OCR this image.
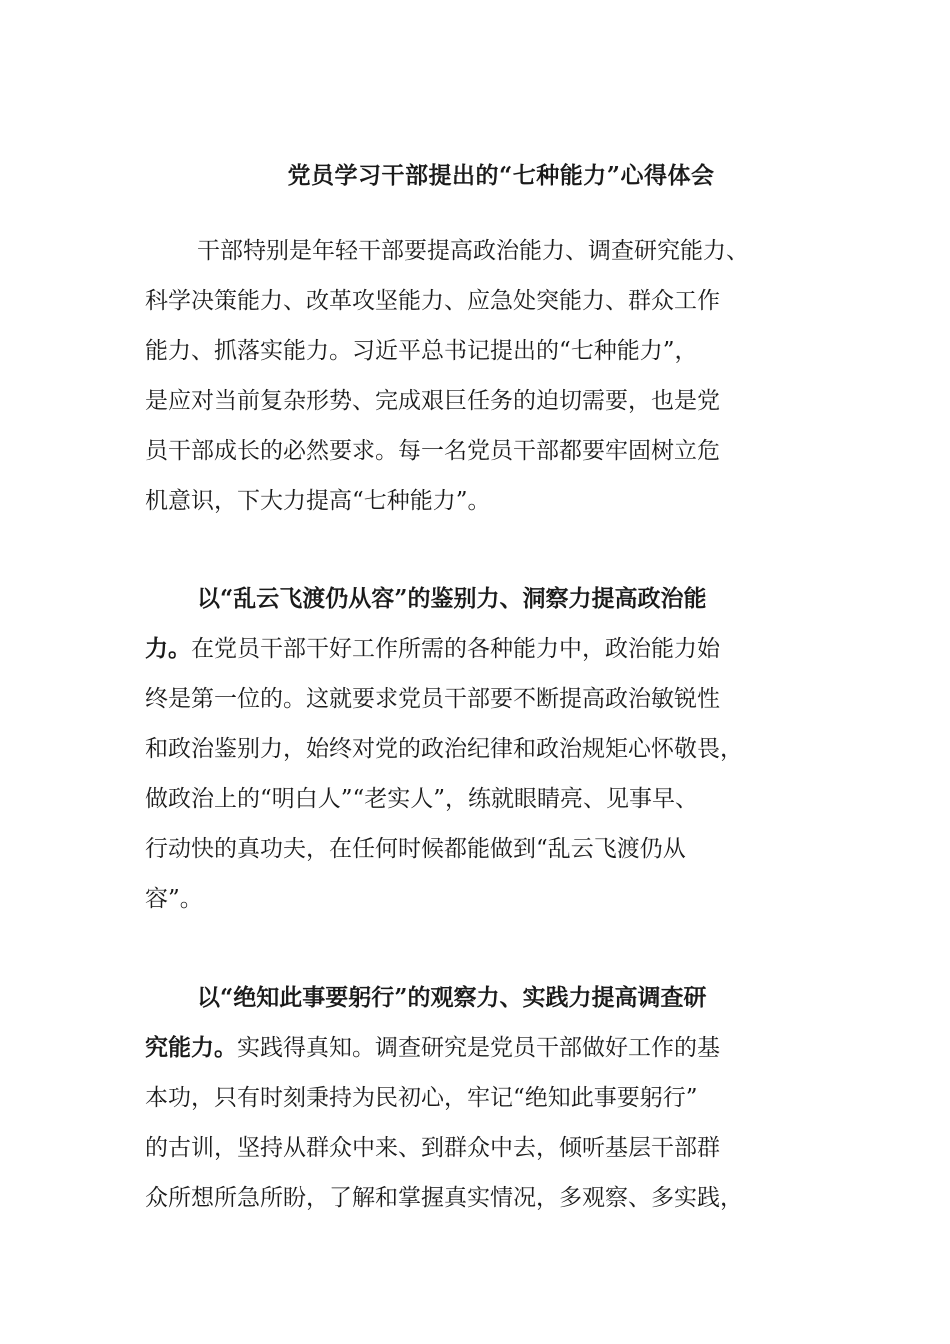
党员学习干部提出的“七种能力”心得体会
干部特别是年轻干部要提高政治能力、调查研究能力、
科学决策能力、改革攻坚能力、应急处突能力、群众工作
能力、抓落实能力。习近平总书记提出的“七种能力”，
是应对当前复杂形势、完成艰巨任务的迫切需要，也是党
员干部成长的必然要求。每一名党员干部都要牢固树立危
机意识，下大力提高“七种能力”。
以“乱云飞渡仍从容”的鉴别力、洞察力提高政治能
力。在党员干部干好工作所需的各种能力中，政治能力始
终是第一位的。这就要求党员干部要不断提高政治敏锐性
和政治鉴别力，始终对党的政治纪律和政治规矩心怀敬畏，
做政治上的“明白人”“老实人”，练就眼睛亮、见事早、
行动快的真功夫，在任何时候都能做到“乱云飞渡仍从
容”。
以“绝知此事要躬行”的观察力、实践力提高调查研
究能力。实践得真知。调查研究是党员干部做好工作的基
本功，只有时刻秉持为民初心，牢记“绝知此事要躬行”
的古训，坚持从群众中来、到群众中去，倾听基层干部群
众所想所急所盼，了解和掌握真实情况，多观察、多实践，
